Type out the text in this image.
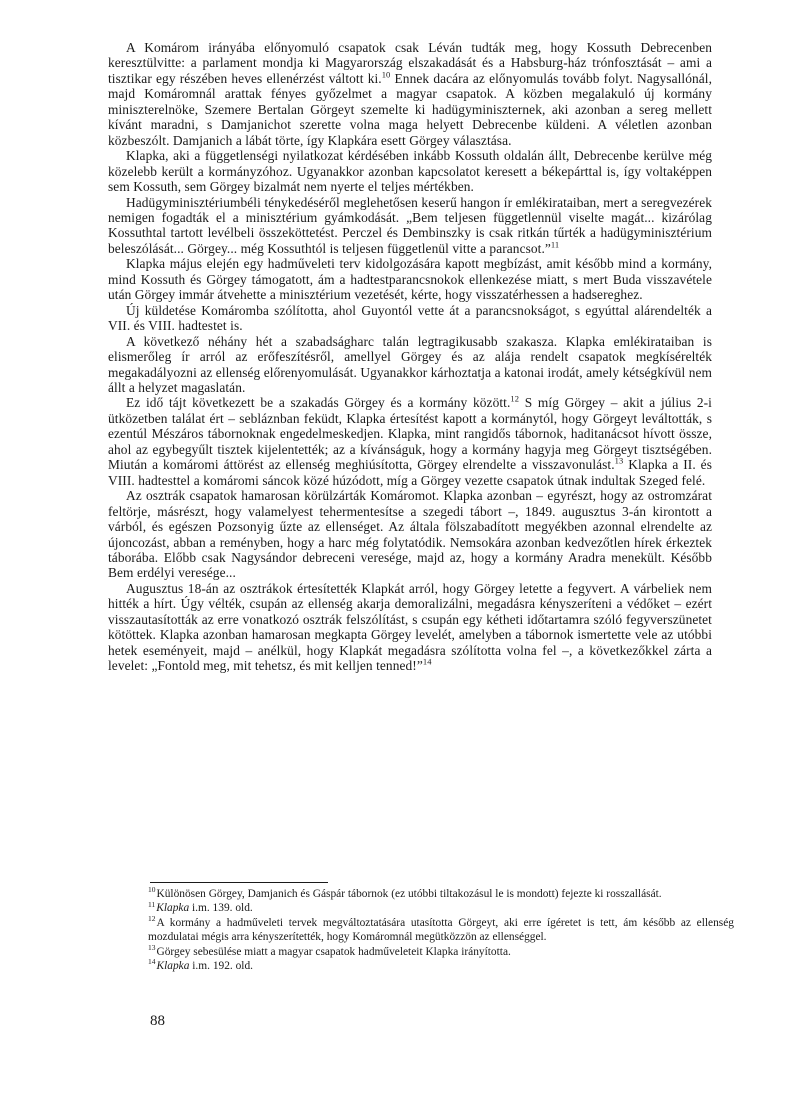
A Komárom irányába előnyomuló csapatok csak Léván tudták meg, hogy Kossuth Debrecenben keresztülvitte: a parlament mondja ki Magyarország elszakadását és a Habsburg-ház trónfosztását – ami a tisztikar egy részében heves ellenérzést váltott ki.$^{10}$ Ennek dacára az előnyomulás tovább folyt. Nagysallónál, majd Komáromnál arattak fényes győzelmet a magyar csapatok. A közben megalakuló új kormány miniszterelnöke, Szemere Bertalan Görgeyt szemelte ki hadügyminiszternek, aki azonban a sereg mellett kívánt maradni, s Damjanichot szerette volna maga helyett Debrecenbe küldeni. A véletlen azonban közbeszólt. Damjanich a lábát törte, így Klapkára esett Görgey választása.

Klapka, aki a függetlenségi nyilatkozat kérdésében inkább Kossuth oldalán állt, Debrecenbe kerülve még közelebb került a kormányzóhoz. Ugyanakkor azonban kapcsolatot keresett a békepárttal is, így voltaképpen sem Kossuth, sem Görgey bizalmát nem nyerte el teljes mértékben.

Hadügyminisztériumbéli ténykedéséről meglehetősen keserű hangon ír emlékirataiban, mert a seregvezérek nemigen fogadták el a minisztérium gyámkodását. „Bem teljesen függetlennül viselte magát... kizárólag Kossuthtal tartott levélbeli összeköttetést. Perczel és Dembinszky is csak ritkán tűrték a hadügyminisztérium beleszólását... Görgey... még Kossuthtól is teljesen függetlenül vitte a parancsot.”$^{11}$

Klapka május elején egy hadműveleti terv kidolgozására kapott megbízást, amit később mind a kormány, mind Kossuth és Görgey támogatott, ám a hadtestparancsnokok ellenkezése miatt, s mert Buda visszavétele után Görgey immár átvehette a minisztérium vezetését, kérte, hogy visszatérhessen a hadsereghez.

Új küldetése Komáromba szólította, ahol Guyontól vette át a parancsnokságot, s egyúttal alárendelték a VII. és VIII. hadtestet is.

A következő néhány hét a szabadságharc talán legtragikusabb szakasza. Klapka emlékirataiban is elismerőleg ír arról az erőfeszítésről, amellyel Görgey és az alája rendelt csapatok megkísérelték megakadályozni az ellenség előrenyomulását. Ugyanakkor kárhoztatja a katonai irodát, amely kétségkívül nem állt a helyzet magaslatán.

Ez idő tájt következett be a szakadás Görgey és a kormány között.$^{12}$ S míg Görgey – akit a július 2-i ütközetben találat ért – sebláznban feküdt, Klapka értesítést kapott a kormánytól, hogy Görgeyt leváltották, s ezentúl Mészáros tábornoknak engedelmeskedjen. Klapka, mint rangidős tábornok, haditanácsot hívott össze, ahol az egybegyűlt tisztek kijelentették; az a kívánságuk, hogy a kormány hagyja meg Görgeyt tisztségében. Miután a komáromi áttörést az ellenség meghiúsította, Görgey elrendelte a visszavonulást.$^{13}$ Klapka a II. és VIII. hadtesttel a komáromi sáncok közé húzódott, míg a Görgey vezette csapatok útnak indultak Szeged felé.

Az osztrák csapatok hamarosan körülzárták Komáromot. Klapka azonban – egyrészt, hogy az ostromzárat feltörje, másrészt, hogy valamelyest tehermentesítse a szegedi tábort –, 1849. augusztus 3-án kirontott a várból, és egészen Pozsonyig űzte az ellenséget. Az általa fölszabadított megyékben azonnal elrendelte az újoncozást, abban a reményben, hogy a harc még folytatódik. Nemsokára azonban kedvezőtlen hírek érkeztek táborába. Előbb csak Nagysándor debreceni veresége, majd az, hogy a kormány Aradra menekült. Később Bem erdélyi veresége...

Augusztus 18-án az osztrákok értesítették Klapkát arról, hogy Görgey letette a fegyvert. A várbeliek nem hitték a hírt. Úgy vélték, csupán az ellenség akarja demoralizálni, megadásra kényszeríteni a védőket – ezért visszautasították az erre vonatkozó osztrák felszólítást, s csupán egy kétheti időtartamra szóló fegyverszünetet kötöttek. Klapka azonban hamarosan megkapta Görgey levelét, amelyben a tábornok ismertette vele az utóbbi hetek eseményeit, majd – anélkül, hogy Klapkát megadásra szólította volna fel –, a következőkkel zárta a levelet: „Fontold meg, mit tehetsz, és mit kelljen tenned!”$^{14}$

$^{10}$Különösen Görgey, Damjanich és Gáspár tábornok (ez utóbbi tiltakozásul le is mondott) fejezte ki rosszallását.

$^{11}$Klapka i.m. 139. old.

$^{12}$A kormány a hadműveleti tervek megváltoztatására utasította Görgeyt, aki erre ígéretet is tett, ám később az ellenség mozdulatai mégis arra kényszerítették, hogy Komáromnál megütközzön az ellenséggel.

$^{13}$Görgey sebesülése miatt a magyar csapatok hadműveleteit Klapka irányította.

$^{14}$Klapka i.m. 192. old.

88
